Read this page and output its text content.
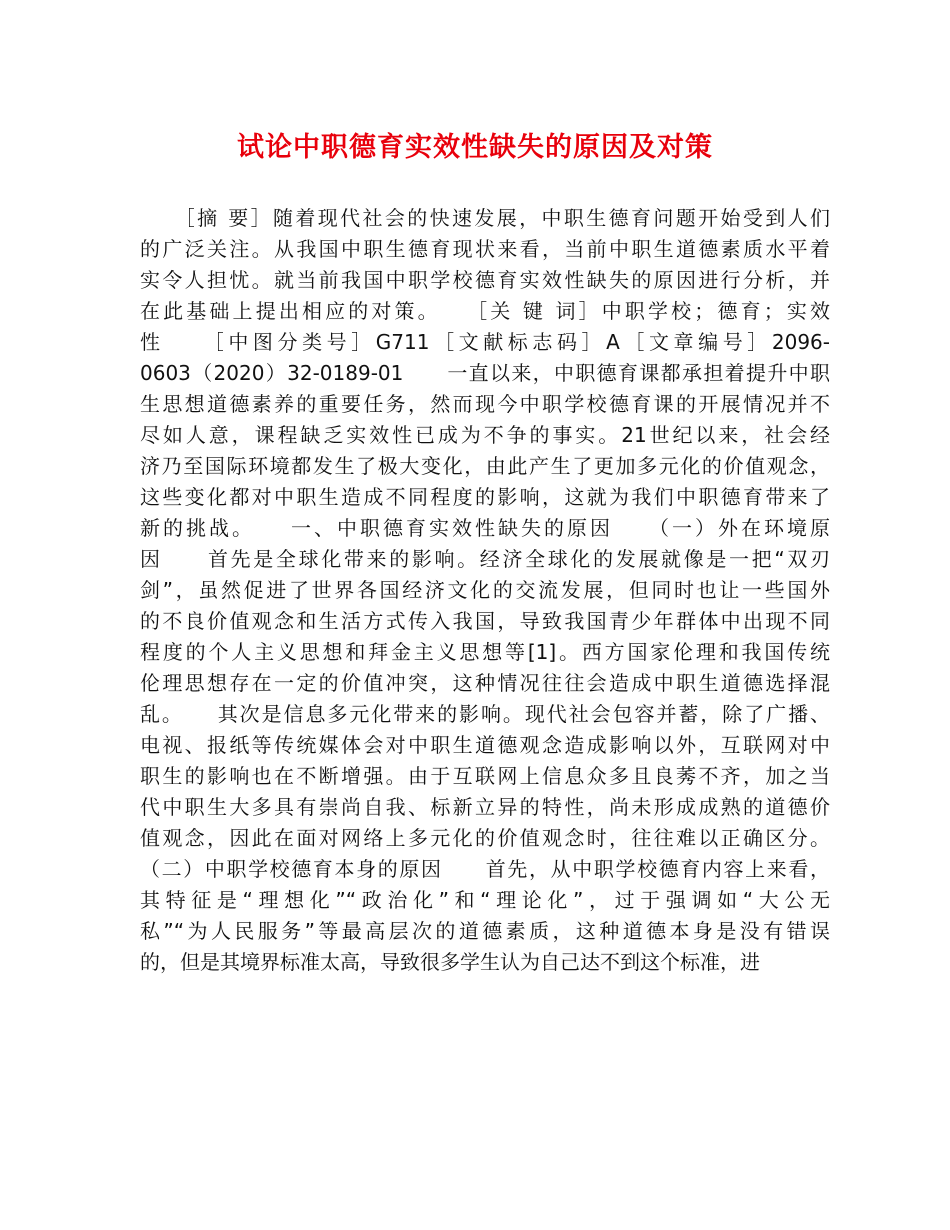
试论中职德育实效性缺失的原因及对策
　　［摘 要］随着现代社会的快速发展，中职生德育问题开始受到人们
的广泛关注。从我国中职生德育现状来看，当前中职生道德素质水平着
实令人担忧。就当前我国中职学校德育实效性缺失的原因进行分析，并
在此基础上提出相应的对策。　　［关 键 词］中职学校；德育；实效
性　　［中图分类号］G711［文献标志码］A［文章编号］2096-
0603（2020）32-0189-01　　一直以来，中职德育课都承担着提升中职
生思想道德素养的重要任务，然而现今中职学校德育课的开展情况并不
尽如人意，课程缺乏实效性已成为不争的事实。21世纪以来，社会经
济乃至国际环境都发生了极大变化，由此产生了更加多元化的价值观念，
这些变化都对中职生造成不同程度的影响，这就为我们中职德育带来了
新的挑战。　　一、中职德育实效性缺失的原因　　（一）外在环境原
因　　首先是全球化带来的影响。经济全球化的发展就像是一把“双刃
剑”，虽然促进了世界各国经济文化的交流发展，但同时也让一些国外
的不良价值观念和生活方式传入我国，导致我国青少年群体中出现不同
程度的个人主义思想和拜金主义思想等[1]。西方国家伦理和我国传统
伦理思想存在一定的价值冲突，这种情况往往会造成中职生道德选择混
乱。　　其次是信息多元化带来的影响。现代社会包容并蓄，除了广播、
电视、报纸等传统媒体会对中职生道德观念造成影响以外，互联网对中
职生的影响也在不断增强。由于互联网上信息众多且良莠不齐，加之当
代中职生大多具有崇尚自我、标新立异的特性，尚未形成成熟的道德价
值观念，因此在面对网络上多元化的价值观念时，往往难以正确区分。
（二）中职学校德育本身的原因　　首先，从中职学校德育内容上来看，
其特征是“理想化”“政治化”和“理论化”，过于强调如“大公无
私”“为人民服务”等最高层次的道德素质，这种道德本身是没有错误
的，但是其境界标准太高，导致很多学生认为自己达不到这个标准，进
